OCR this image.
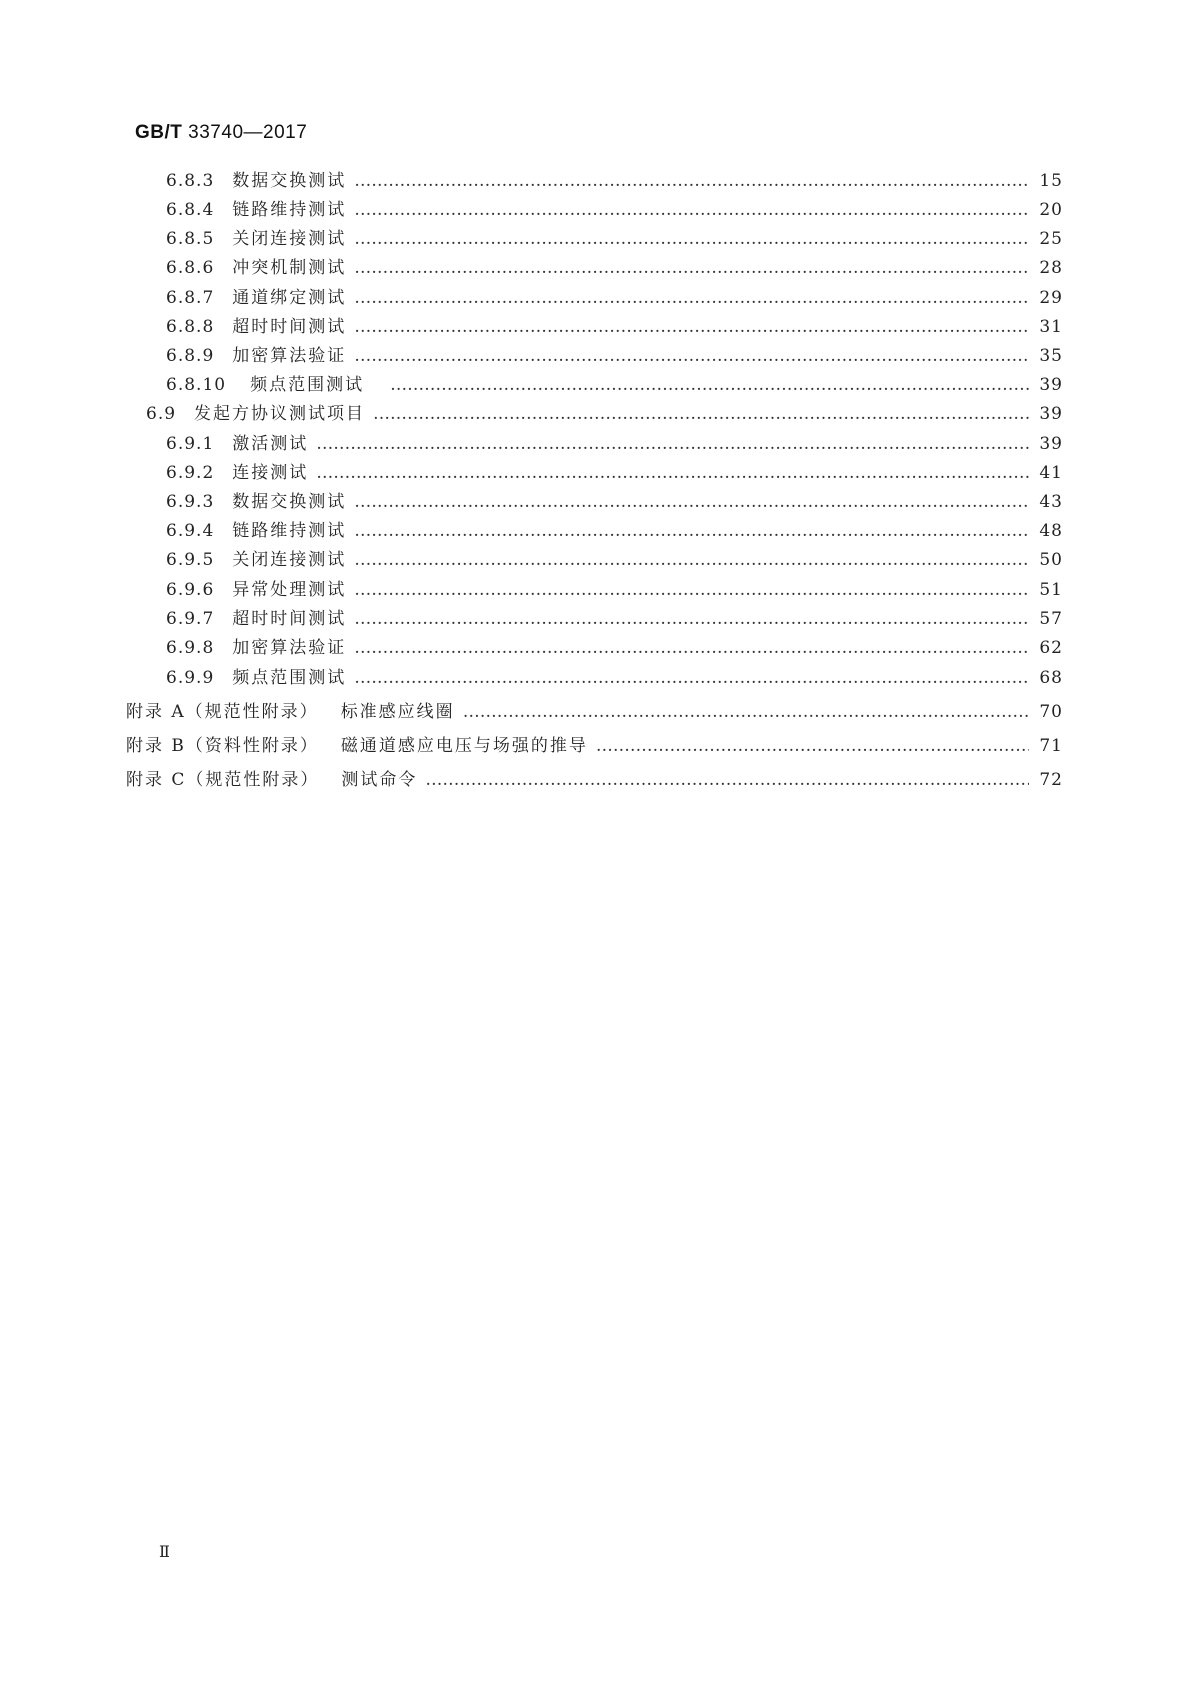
GB/T 33740—2017
6.8.3 数据交换测试 ……………………………………………………………………………………………………………………………………………………………………………………………………………………………………	15
6.8.4 链路维持测试 ……………………………………………………………………………………………………………………………………………………………………………………………………………………………………	20
6.8.5 关闭连接测试 ……………………………………………………………………………………………………………………………………………………………………………………………………………………………………	25
6.8.6 冲突机制测试 ……………………………………………………………………………………………………………………………………………………………………………………………………………………………………	28
6.8.7 通道绑定测试 ……………………………………………………………………………………………………………………………………………………………………………………………………………………………………	29
6.8.8 超时时间测试 ……………………………………………………………………………………………………………………………………………………………………………………………………………………………………	31
6.8.9 加密算法验证 ……………………………………………………………………………………………………………………………………………………………………………………………………………………………………	35
6.8.10 频点范围测试 ……………………………………………………………………………………………………………………………………………………………………………………………………………………………………	39
6.9 发起方协议测试项目 ……………………………………………………………………………………………………………………………………………………………………………………………………………………………………	39
6.9.1 激活测试 ……………………………………………………………………………………………………………………………………………………………………………………………………………………………………	39
6.9.2 连接测试 ……………………………………………………………………………………………………………………………………………………………………………………………………………………………………	41
6.9.3 数据交换测试 ……………………………………………………………………………………………………………………………………………………………………………………………………………………………………	43
6.9.4 链路维持测试 ……………………………………………………………………………………………………………………………………………………………………………………………………………………………………	48
6.9.5 关闭连接测试 ……………………………………………………………………………………………………………………………………………………………………………………………………………………………………	50
6.9.6 异常处理测试 ……………………………………………………………………………………………………………………………………………………………………………………………………………………………………	51
6.9.7 超时时间测试 ……………………………………………………………………………………………………………………………………………………………………………………………………………………………………	57
6.9.8 加密算法验证 ……………………………………………………………………………………………………………………………………………………………………………………………………………………………………	62
6.9.9 频点范围测试 ……………………………………………………………………………………………………………………………………………………………………………………………………………………………………	68
附录 A（规范性附录） 标准感应线圈 ……………………………………………………………………………………………………………………………………………………………………………………………………………………………………	70
附录 B（资料性附录） 磁通道感应电压与场强的推导 ……………………………………………………………………………………………………………………………………………………………………………………………………………………………………	71
附录 C（规范性附录） 测试命令 ……………………………………………………………………………………………………………………………………………………………………………………………………………………………………	72
Ⅱ
